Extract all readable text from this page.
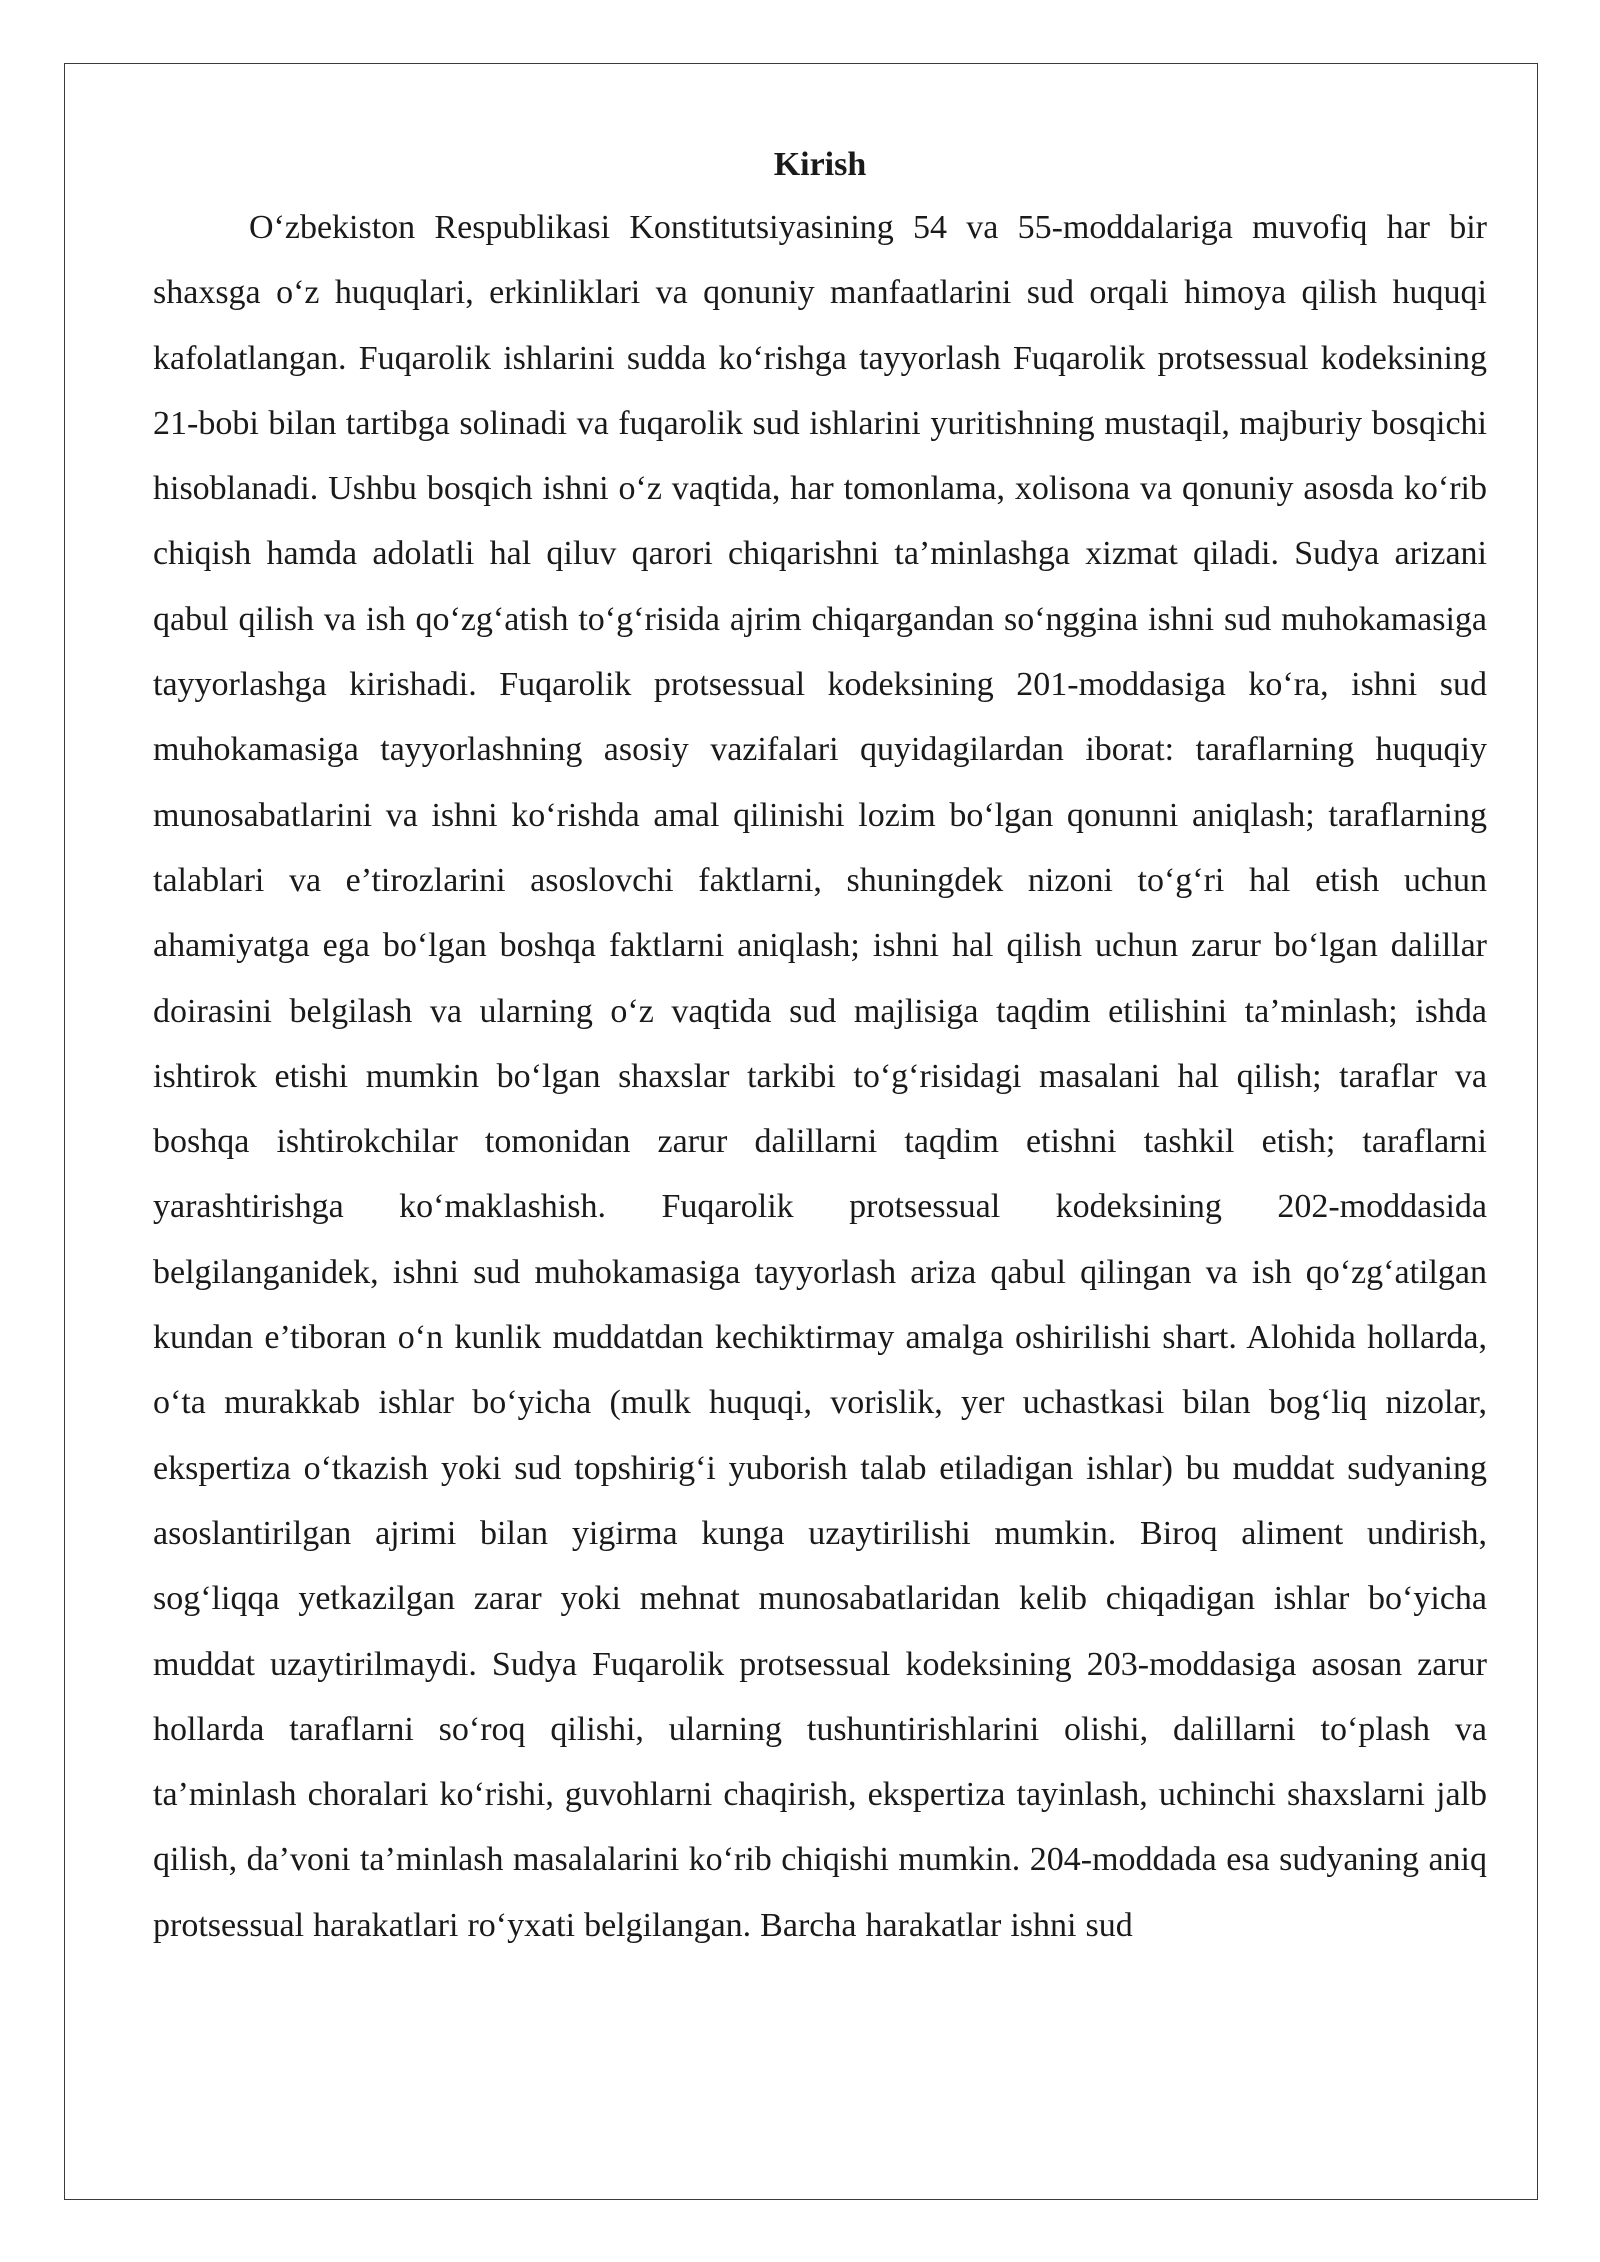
Kirish

O‘zbekiston Respublikasi Konstitutsiyasining 54 va 55-moddalariga muvofiq har bir shaxsga o‘z huquqlari, erkinliklari va qonuniy manfaatlarini sud orqali himoya qilish huquqi kafolatlangan. Fuqarolik ishlarini sudda ko‘rishga tayyorlash Fuqarolik protsessual kodeksining 21-bobi bilan tartibga solinadi va fuqarolik sud ishlarini yuritishning mustaqil, majburiy bosqichi hisoblanadi. Ushbu bosqich ishni o‘z vaqtida, har tomonlama, xolisona va qonuniy asosda ko‘rib chiqish hamda adolatli hal qiluv qarori chiqarishni ta’minlashga xizmat qiladi. Sudya arizani qabul qilish va ish qo‘zg‘atish to‘g‘risida ajrim chiqargandan so‘nggina ishni sud muhokamasiga tayyorlashga kirishadi. Fuqarolik protsessual kodeksining 201-moddasiga ko‘ra, ishni sud muhokamasiga tayyorlashning asosiy vazifalari quyidagilardan iborat: taraflarning huquqiy munosabatlarini va ishni ko‘rishda amal qilinishi lozim bo‘lgan qonunni aniqlash; taraflarning talablari va e’tirozlarini asoslovchi faktlarni, shuningdek nizoni to‘g‘ri hal etish uchun ahamiyatga ega bo‘lgan boshqa faktlarni aniqlash; ishni hal qilish uchun zarur bo‘lgan dalillar doirasini belgilash va ularning o‘z vaqtida sud majlisiga taqdim etilishini ta’minlash; ishda ishtirok etishi mumkin bo‘lgan shaxslar tarkibi to‘g‘risidagi masalani hal qilish; taraflar va boshqa ishtirokchilar tomonidan zarur dalillarni taqdim etishni tashkil etish; taraflarni yarashtirishga ko‘maklashish. Fuqarolik protsessual kodeksining 202-moddasida belgilanganidek, ishni sud muhokamasiga tayyorlash ariza qabul qilingan va ish qo‘zg‘atilgan kundan e’tiboran o‘n kunlik muddatdan kechiktirmay amalga oshirilishi shart. Alohida hollarda, o‘ta murakkab ishlar bo‘yicha (mulk huquqi, vorislik, yer uchastkasi bilan bog‘liq nizolar, ekspertiza o‘tkazish yoki sud topshirig‘i yuborish talab etiladigan ishlar) bu muddat sudyaning asoslantirilgan ajrimi bilan yigirma kunga uzaytirilishi mumkin. Biroq aliment undirish, sog‘liqqa yetkazilgan zarar yoki mehnat munosabatlaridan kelib chiqadigan ishlar bo‘yicha muddat uzaytirilmaydi. Sudya Fuqarolik protsessual kodeksining 203-moddasiga asosan zarur hollarda taraflarni so‘roq qilishi, ularning tushuntirishlarini olishi, dalillarni to‘plash va ta’minlash choralari ko‘rishi, guvohlarni chaqirish, ekspertiza tayinlash, uchinchi shaxslarni jalb qilish, da’voni ta’minlash masalalarini ko‘rib chiqishi mumkin. 204-moddada esa sudyaning aniq protsessual harakatlari ro‘yxati belgilangan. Barcha harakatlar ishni sud
